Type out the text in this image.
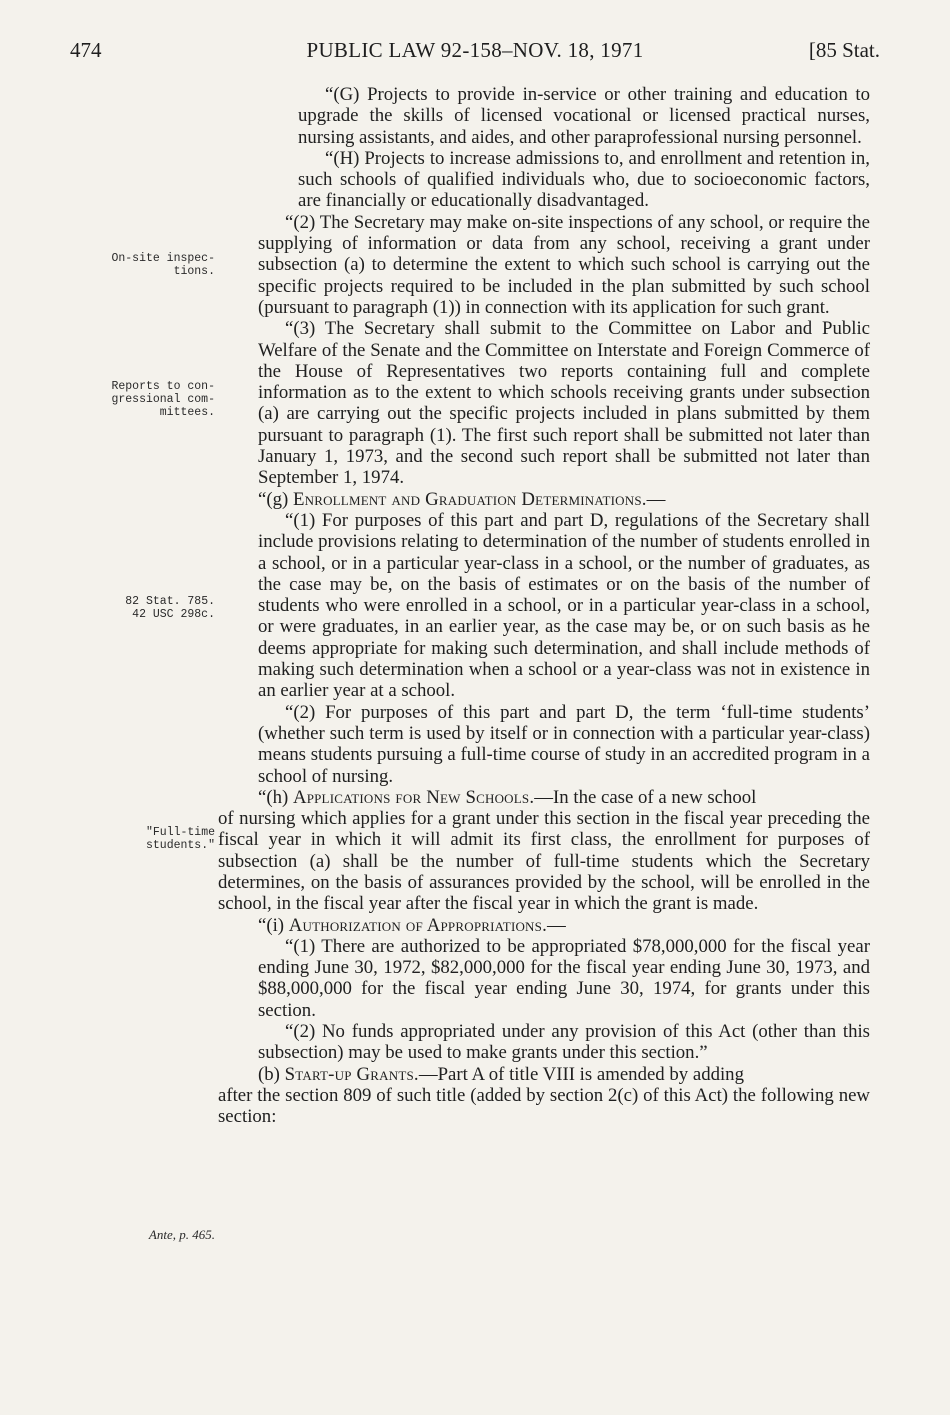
474	PUBLIC LAW 92-158–NOV. 18, 1971	[85 Stat.
On-site inspec-
tions.
Reports to con-
gressional com-
mittees.
82 Stat. 785.
42 USC 298c.
"Full-time
students."
Ante, p. 465.

“(G) Projects to provide in-service or other training and education to upgrade the skills of licensed vocational or licensed practical nurses, nursing assistants, and aides, and other paraprofessional nursing personnel.

“(H) Projects to increase admissions to, and enrollment and retention in, such schools of qualified individuals who, due to socioeconomic factors, are financially or educationally disadvantaged.

“(2) The Secretary may make on-site inspections of any school, or require the supplying of information or data from any school, receiving a grant under subsection (a) to determine the extent to which such school is carrying out the specific projects required to be included in the plan submitted by such school (pursuant to paragraph (1)) in connection with its application for such grant.

“(3) The Secretary shall submit to the Committee on Labor and Public Welfare of the Senate and the Committee on Interstate and Foreign Commerce of the House of Representatives two reports containing full and complete information as to the extent to which schools receiving grants under subsection (a) are carrying out the specific projects included in plans submitted by them pursuant to paragraph (1). The first such report shall be submitted not later than January 1, 1973, and the second such report shall be submitted not later than September 1, 1974.

“(g) Enrollment and Graduation Determinations.—

“(1) For purposes of this part and part D, regulations of the Secretary shall include provisions relating to determination of the number of students enrolled in a school, or in a particular year-class in a school, or the number of graduates, as the case may be, on the basis of estimates or on the basis of the number of students who were enrolled in a school, or in a particular year-class in a school, or were graduates, in an earlier year, as the case may be, or on such basis as he deems appropriate for making such determination, and shall include methods of making such determination when a school or a year-class was not in existence in an earlier year at a school.

“(2) For purposes of this part and part D, the term ‘full-time students’ (whether such term is used by itself or in connection with a particular year-class) means students pursuing a full-time course of study in an accredited program in a school of nursing.

“(h) Applications for New Schools.—In the case of a new school

of nursing which applies for a grant under this section in the fiscal year preceding the fiscal year in which it will admit its first class, the enrollment for purposes of subsection (a) shall be the number of full-time students which the Secretary determines, on the basis of assurances provided by the school, will be enrolled in the school, in the fiscal year after the fiscal year in which the grant is made.

“(i) Authorization of Appropriations.—

“(1) There are authorized to be appropriated $78,000,000 for the fiscal year ending June 30, 1972, $82,000,000 for the fiscal year ending June 30, 1973, and $88,000,000 for the fiscal year ending June 30, 1974, for grants under this section.

“(2) No funds appropriated under any provision of this Act (other than this subsection) may be used to make grants under this section.”

(b) Start-up Grants.—Part A of title VIII is amended by adding

after the section 809 of such title (added by section 2(c) of this Act) the following new section:
